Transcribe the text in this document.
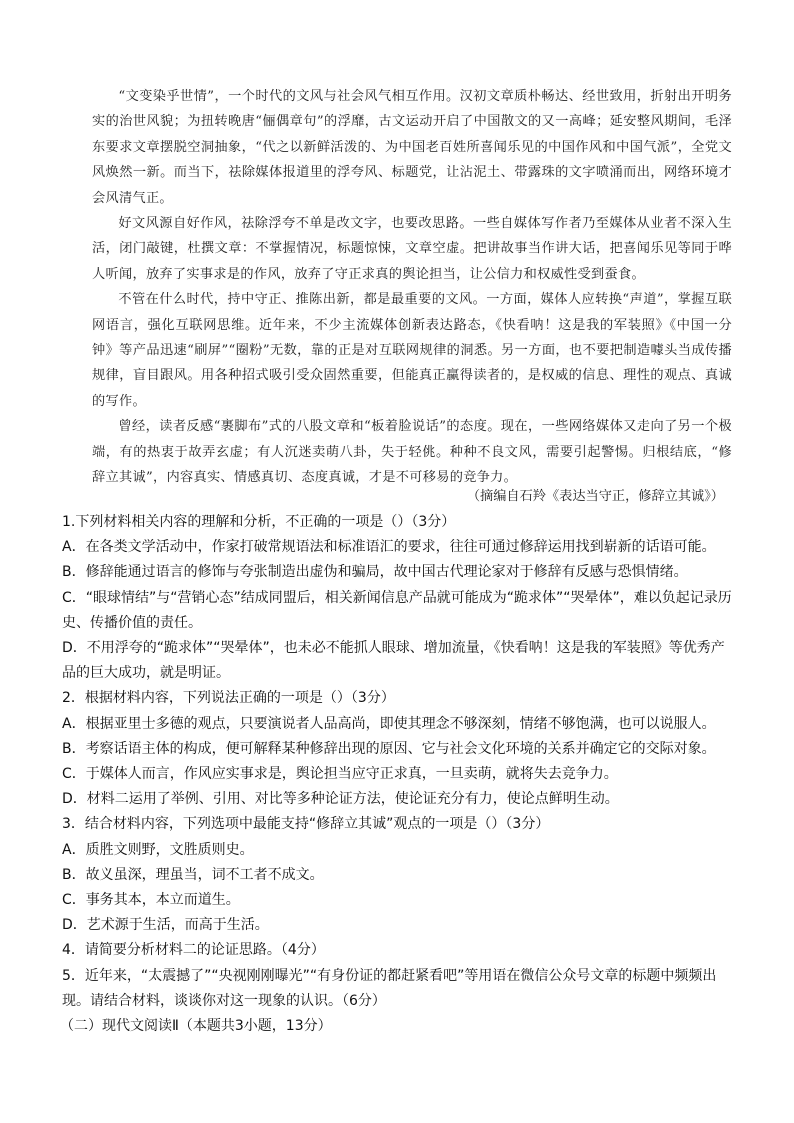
“文变染乎世情”，一个时代的文风与社会风气相互作用。汉初文章质朴畅达、经世致用，折射出开明务实的治世风貌；为扭转晚唐“俪偶章句”的浮靡，古文运动开启了中国散文的又一高峰；延安整风期间，毛泽东要求文章摆脱空洞抽象，“代之以新鲜活泼的、为中国老百姓所喜闻乐见的中国作风和中国气派”，全党文风焕然一新。而当下，祛除媒体报道里的浮夸风、标题党，让沾泥土、带露珠的文字喷涌而出，网络环境才会风清气正。

好文风源自好作风，祛除浮夸不单是改文字，也要改思路。一些自媒体写作者乃至媒体从业者不深入生活，闭门敲键，杜撰文章：不掌握情况，标题惊悚，文章空虚。把讲故事当作讲大话，把喜闻乐见等同于哗人听闻，放弃了实事求是的作风，放弃了守正求真的舆论担当，让公信力和权威性受到蚕食。

不管在什么时代，持中守正、推陈出新，都是最重要的文风。一方面，媒体人应转换“声道”，掌握互联网语言，强化互联网思维。近年来，不少主流媒体创新表达路态，《快看呐！这是我的军装照》《中国一分钟》等产品迅速“刷屏”“圈粉”无数，靠的正是对互联网规律的洞悉。另一方面，也不要把制造噱头当成传播规律，盲目跟风。用各种招式吸引受众固然重要，但能真正赢得读者的，是权威的信息、理性的观点、真诚的写作。

曾经，读者反感“裹脚布”式的八股文章和“板着脸说话”的态度。现在，一些网络媒体又走向了另一个极端，有的热衷于故弄玄虚；有人沉迷卖萌八卦，失于轻佻。种种不良文风，需要引起警惕。归根结底，“修辞立其诚”，内容真实、情感真切、态度真诚，才是不可移易的竞争力。

（摘编自石羚《表达当守正，修辞立其诚》）
1.下列材料相关内容的理解和分析，不正确的一项是（）（3分）
A．在各类文学活动中，作家打破常规语法和标准语汇的要求，往往可通过修辞运用找到崭新的话语可能。
B．修辞能通过语言的修饰与夸张制造出虚伪和骗局，故中国古代理论家对于修辞有反感与恐惧情绪。
C．“眼球情结”与“营销心态”结成同盟后，相关新闻信息产品就可能成为“跪求体”“哭晕体”，难以负起记录历史、传播价值的责任。
D．不用浮夸的“跪求体”“哭晕体”，也未必不能抓人眼球、增加流量，《快看呐！这是我的军装照》等优秀产品的巨大成功，就是明证。
2．根据材料内容，下列说法正确的一项是（）（3分）
A．根据亚里士多德的观点，只要演说者人品高尚，即使其理念不够深刻，情绪不够饱满，也可以说服人。
B．考察话语主体的构成，便可解释某种修辞出现的原因、它与社会文化环境的关系并确定它的交际对象。
C．于媒体人而言，作风应实事求是，舆论担当应守正求真，一旦卖萌，就将失去竞争力。
D．材料二运用了举例、引用、对比等多种论证方法，使论证充分有力，使论点鲜明生动。
3．结合材料内容，下列选项中最能支持“修辞立其诚”观点的一项是（）（3分）
A．质胜文则野，文胜质则史。
B．故义虽深，理虽当，词不工者不成文。
C．事务其本，本立而道生。
D．艺术源于生活，而高于生活。
4．请简要分析材料二的论证思路。（4分）
5．近年来，“太震撼了”“央视刚刚曝光”“有身份证的都赶紧看吧”等用语在微信公众号文章的标题中频频出现。请结合材料，谈谈你对这一现象的认识。（6分）
（二）现代文阅读Ⅱ（本题共3小题，13分）
